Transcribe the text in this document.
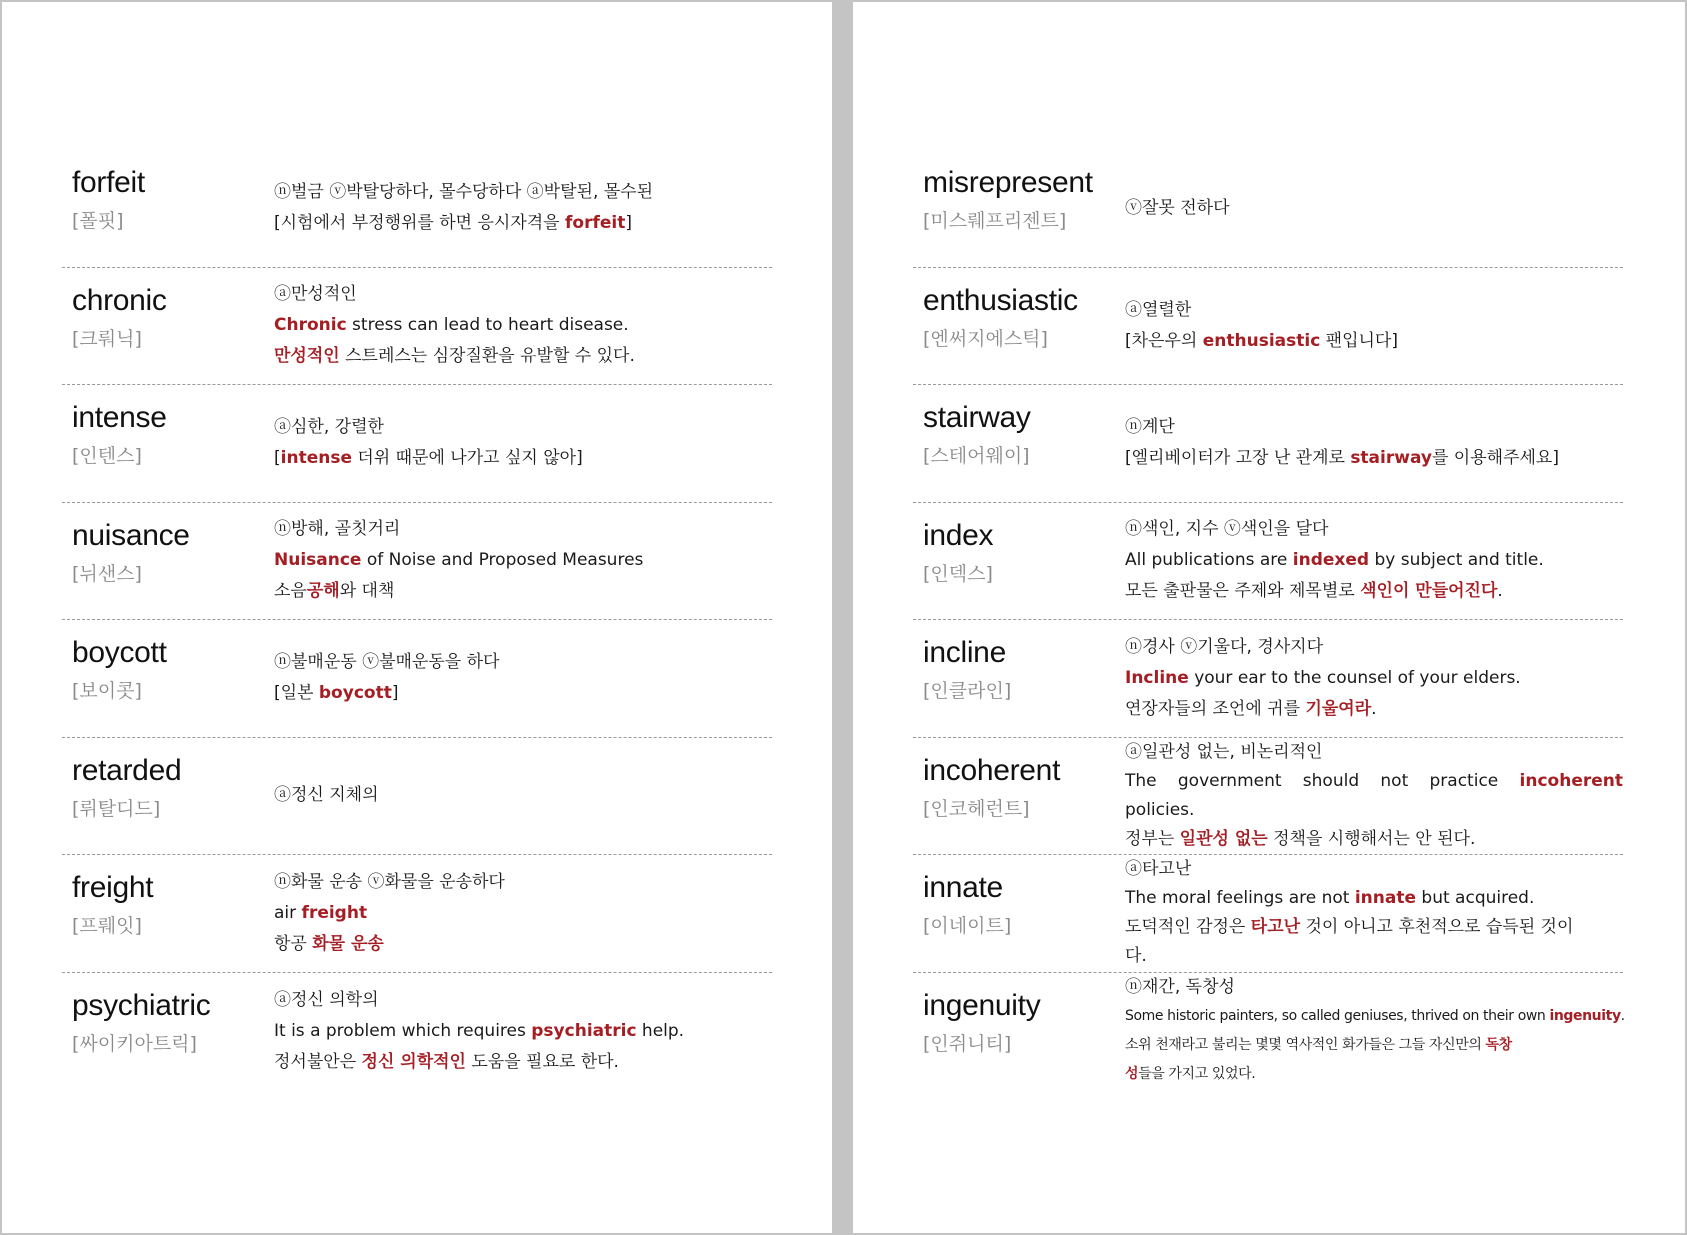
forfeit
[폴핏]
ⓝ벌금 ⓥ박탈당하다, 몰수당하다 ⓐ박탈된, 몰수된
[시험에서 부정행위를 하면 응시자격을 forfeit]
chronic
[크뤄닉]
ⓐ만성적인
Chronic stress can lead to heart disease.
만성적인 스트레스는 심장질환을 유발할 수 있다.
intense
[인텐스]
ⓐ심한, 강렬한
[intense 더위 때문에 나가고 싶지 않아]
nuisance
[뉘샌스]
ⓝ방해, 골칫거리
Nuisance of Noise and Proposed Measures
소음공해와 대책
boycott
[보이콧]
ⓝ불매운동 ⓥ불매운동을 하다
[일본 boycott]
retarded
[뤼탈디드]
ⓐ정신 지체의
freight
[프뤠잇]
ⓝ화물 운송 ⓥ화물을 운송하다
air freight
항공 화물 운송
psychiatric
[싸이키아트릭]
ⓐ정신 의학의
It is a problem which requires psychiatric help.
정서불안은 정신 의학적인 도움을 필요로 한다.
misrepresent
[미스뤠프리젠트]
ⓥ잘못 전하다
enthusiastic
[엔써지에스틱]
ⓐ열렬한
[차은우의 enthusiastic 팬입니다]
stairway
[스테어웨이]
ⓝ계단
[엘리베이터가 고장 난 관계로 stairway를 이용해주세요]
index
[인덱스]
ⓝ색인, 지수 ⓥ색인을 달다
All publications are indexed by subject and title.
모든 출판물은 주제와 제목별로 색인이 만들어진다.
incline
[인클라인]
ⓝ경사 ⓥ기울다, 경사지다
Incline your ear to the counsel of your elders.
연장자들의 조언에 귀를 기울여라.
incoherent
[인코헤런트]
ⓐ일관성 없는, 비논리적인
The government should not practice incoherent
policies.
정부는 일관성 없는 정책을 시행해서는 안 된다.
innate
[이네이트]
ⓐ타고난
The moral feelings are not innate but acquired.
도덕적인 감정은 타고난 것이 아니고 후천적으로 습득된 것이
다.
ingenuity
[인쥐니티]
ⓝ재간, 독창성
Some historic painters, so called geniuses, thrived on their own ingenuity.
소위 천재라고 불리는 몇몇 역사적인 화가들은 그들 자신만의 독창
성들을 가지고 있었다.
